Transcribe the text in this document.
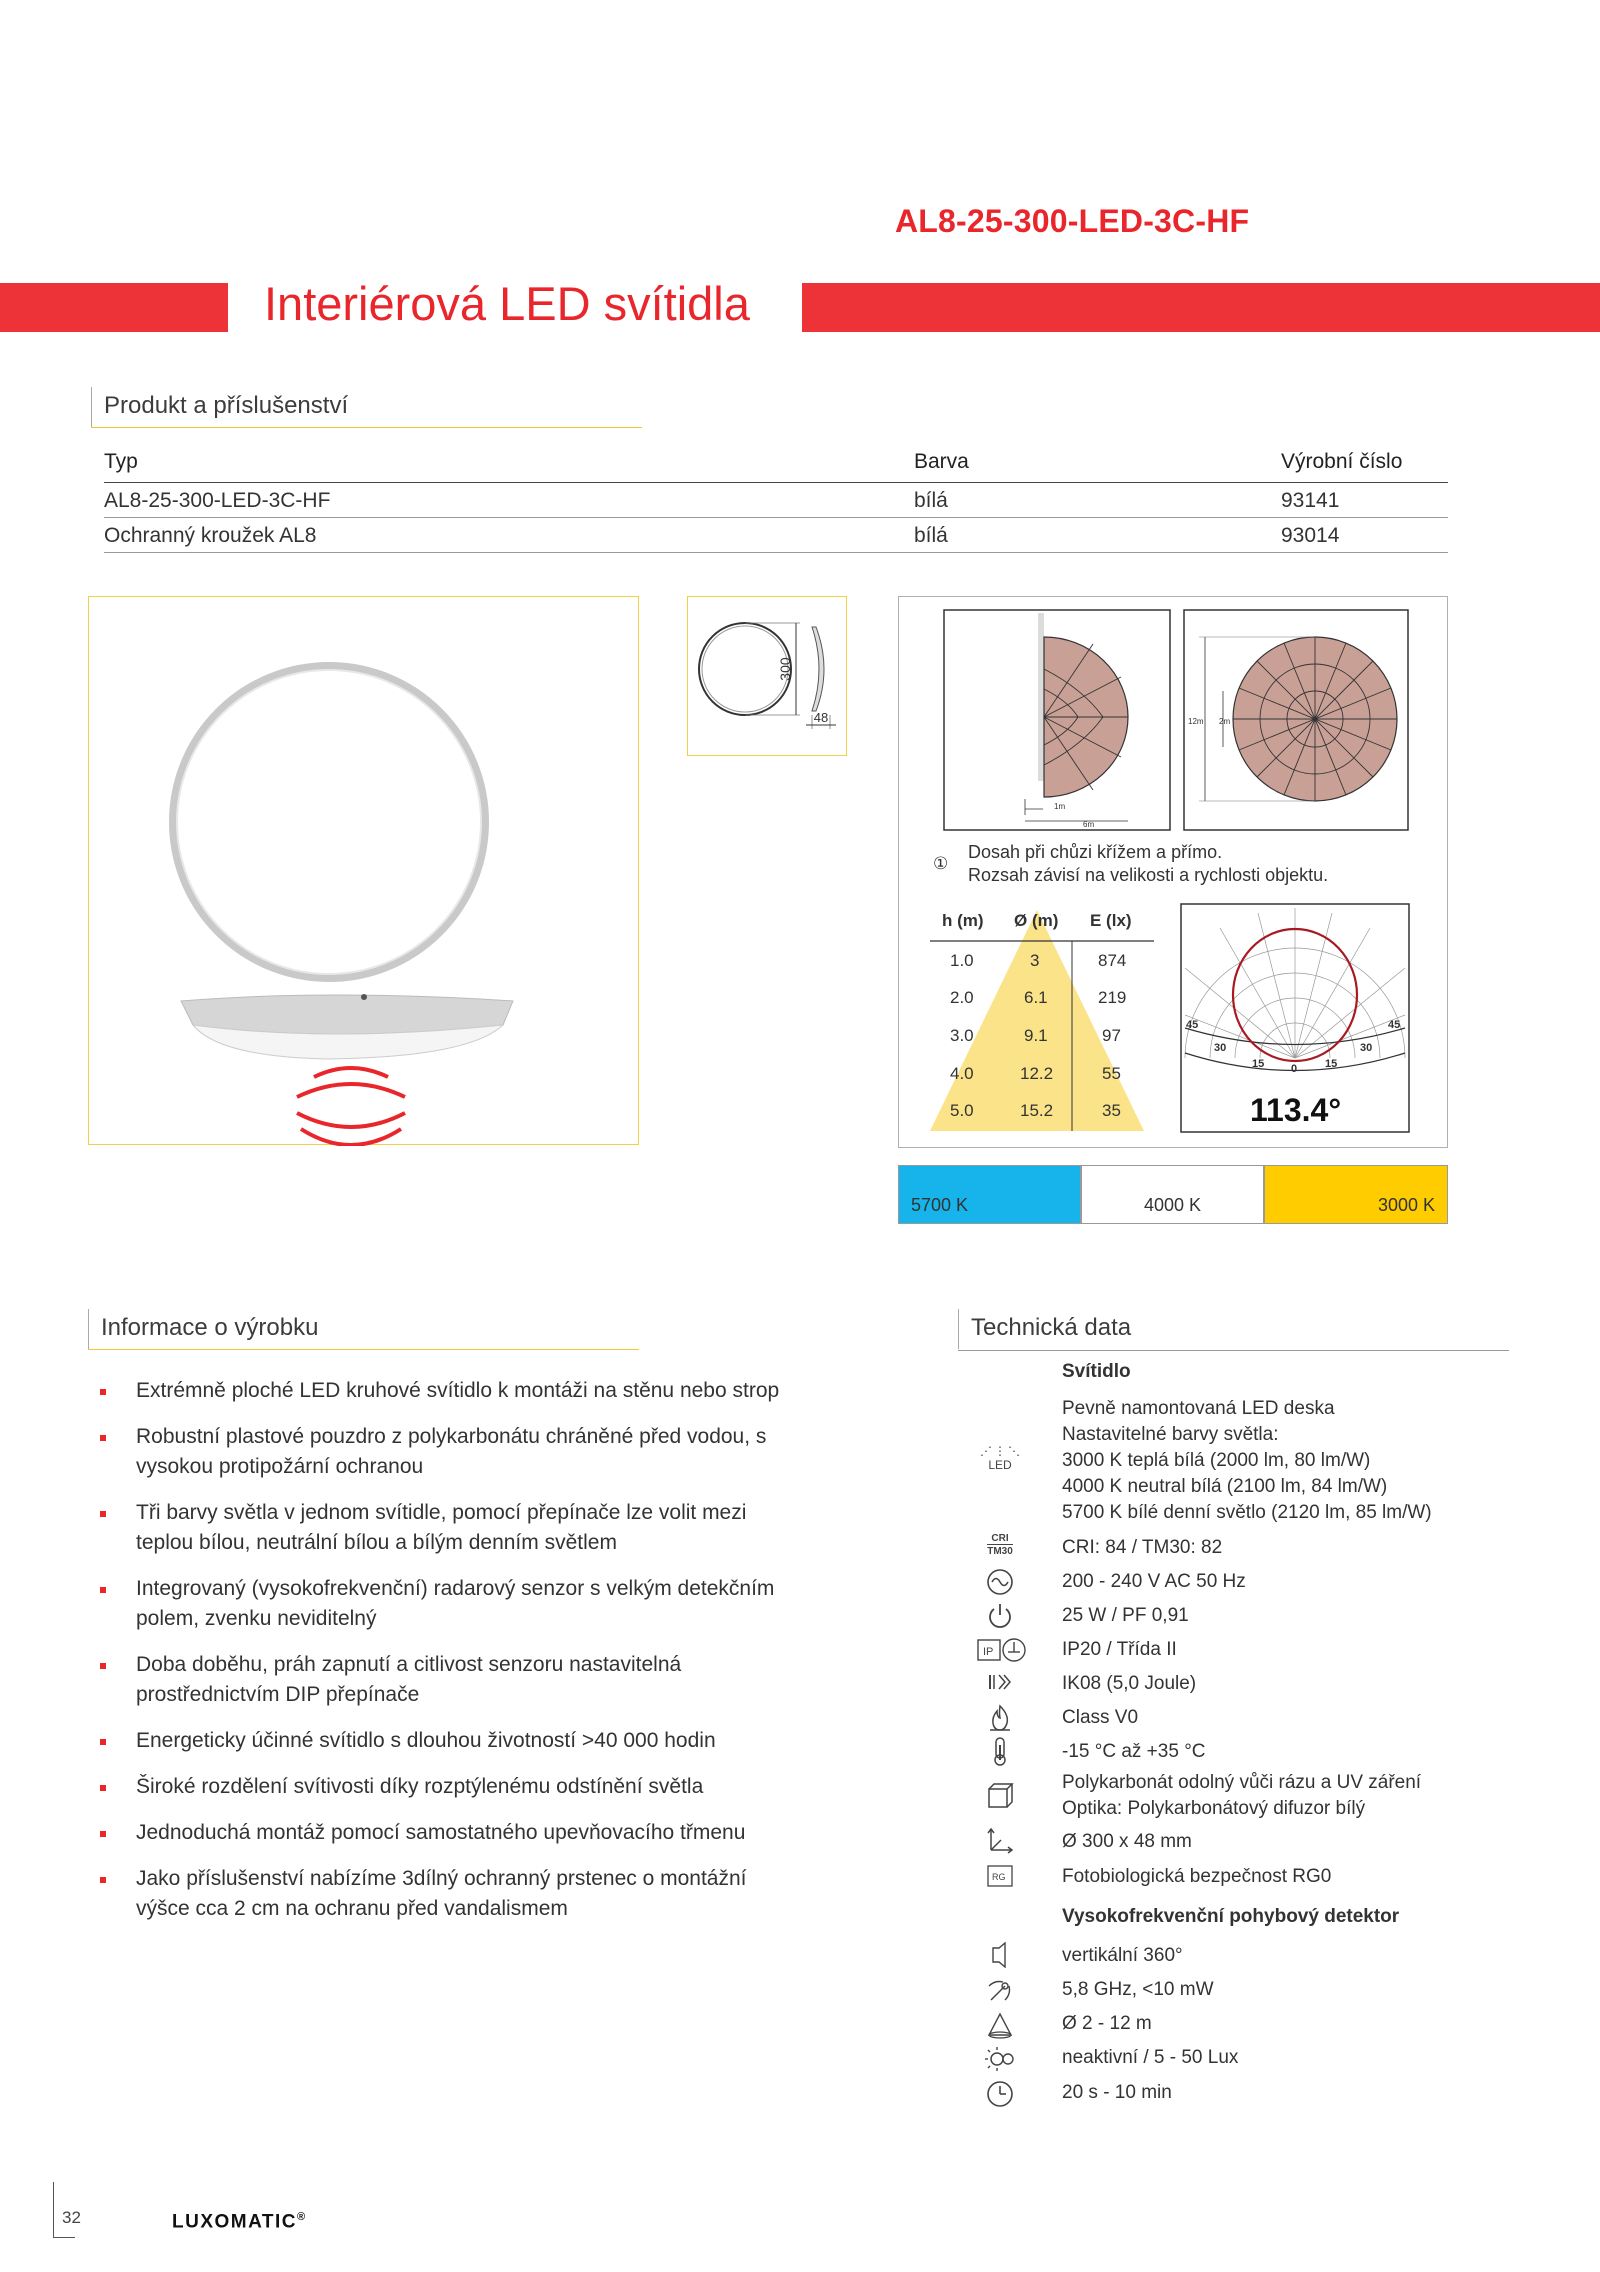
AL8-25-300-LED-3C-HF
Interiérová LED svítidla
Produkt a příslušenství
Typ	Barva	Výrobní číslo
AL8-25-300-LED-3C-HF	bílá	93141
Ochranný kroužek AL8	bílá	93014
300
48
1m
6m
12m 2m
①
Dosah při chůzi křížem a přímo.
Rozsah závisí na velikosti a rychlosti objektu.
h (m) Ø (m) E (lx)
1.0	3	874
2.0	6.1	219
3.0	9.1	97
4.0	12.2	55
5.0	15.2	35
45
30
15 0	15
30
45
113.4°
5700 K	4000 K	3000 K
Informace o výrobku
Extrémně ploché LED kruhové svítidlo k montáži na stěnu nebo strop
Robustní plastové pouzdro z polykarbonátu chráněné před vodou, s vysokou protipožární ochranou
Tři barvy světla v jednom svítidle, pomocí přepínače lze volit mezi teplou bílou, neutrální bílou a bílým denním světlem
Integrovaný (vysokofrekvenční) radarový senzor s velkým detekčním polem, zvenku neviditelný
Doba doběhu, práh zapnutí a citlivost senzoru nastavitelná prostřednictvím DIP přepínače
Energeticky účinné svítidlo s dlouhou životností >40 000 hodin
Široké rozdělení svítivosti díky rozptýlenému odstínění světla
Jednoduchá montáž pomocí samostatného upevňovacího třmenu
Jako příslušenství nabízíme 3dílný ochranný prstenec o montážní výšce cca 2 cm na ochranu před vandalismem
Technická data
Svítidlo
⋰⋮⋱
LED
Pevně namontovaná LED deska
Nastavitelné barvy světla:
3000 K teplá bílá (2000 lm, 80 lm/W)
4000 K neutral bílá (2100 lm, 84 lm/W)
5700 K bílé denní světlo (2120 lm, 85 lm/W)
CRI
TM30	CRI: 84 / TM30: 82
200 - 240 V AC 50 Hz
25 W / PF 0,91
IP	IP20 / Třída II
IK08 (5,0 Joule)
Class V0
-15 °C až +35 °C
Polykarbonát odolný vůči rázu a UV záření
Optika: Polykarbonátový difuzor bílý
Ø 300 x 48 mm
RG	Fotobiologická bezpečnost RG0
Vysokofrekvenční pohybový detektor
vertikální 360°
5,8 GHz, <10 mW
Ø 2 - 12 m
neaktivní / 5 - 50 Lux
20 s - 10 min
32	LUXOMATIC®
